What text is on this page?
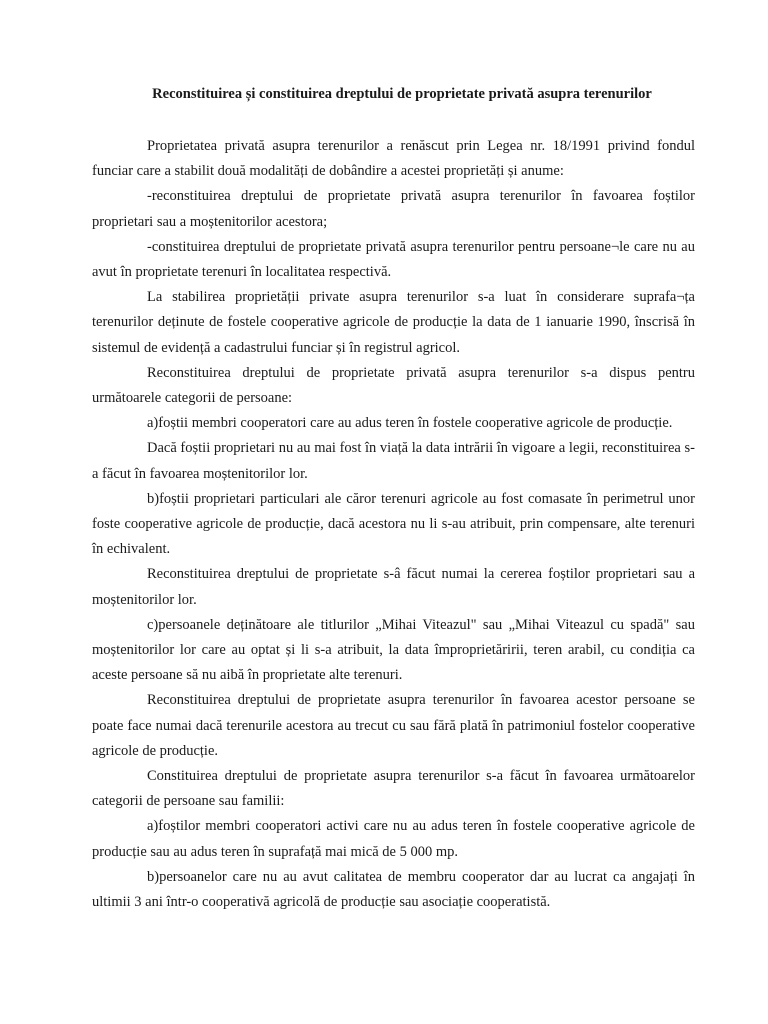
Reconstituirea și constituirea dreptului de proprietate privată asupra terenurilor

Proprietatea privată asupra terenurilor a renăscut prin Legea nr. 18/1991 privind fondul funciar care a stabilit două modalități de dobândire a acestei proprietăți și anume:

-reconstituirea dreptului de proprietate privată asupra terenurilor în favoarea foștilor proprietari sau a moștenitorilor acestora;

-constituirea dreptului de proprietate privată asupra terenurilor pentru persoane¬le care nu au avut în proprietate terenuri în localitatea respectivă.

La stabilirea proprietății private asupra terenurilor s-a luat în considerare suprafa¬ța terenurilor deținute de fostele cooperative agricole de producție la data de 1 ianuarie 1990, înscrisă în sistemul de evidență a cadastrului funciar și în registrul agricol.

Reconstituirea dreptului de proprietate privată asupra terenurilor s-a dispus pentru următoarele categorii de persoane:

a)foștii membri cooperatori care au adus teren în fostele cooperative agricole de producție.

Dacă foștii proprietari nu au mai fost în viață la data intrării în vigoare a legii, reconstituirea s-a făcut în favoarea moștenitorilor lor.

b)foștii proprietari particulari ale căror terenuri agricole au fost comasate în perimetrul unor foste cooperative agricole de producție, dacă acestora nu li s-au atribuit, prin compensare, alte terenuri în echivalent.

Reconstituirea dreptului de proprietate s-â făcut numai la cererea foștilor proprietari sau a moștenitorilor lor.

c)persoanele deținătoare ale titlurilor „Mihai Viteazul" sau „Mihai Viteazul cu spadă" sau moștenitorilor lor care au optat și li s-a atribuit, la data împroprietăririi, teren arabil, cu condiția ca aceste persoane să nu aibă în proprietate alte terenuri.

Reconstituirea dreptului de proprietate asupra terenurilor în favoarea acestor persoane se poate face numai dacă terenurile acestora au trecut cu sau fără plată în patrimoniul fostelor cooperative agricole de producție.

Constituirea dreptului de proprietate asupra terenurilor s-a făcut în favoarea următoarelor categorii de persoane sau familii:

a)foștilor membri cooperatori activi care nu au adus teren în fostele cooperative agricole de producție sau au adus teren în suprafață mai mică de 5 000 mp.

b)persoanelor care nu au avut calitatea de membru cooperator dar au lucrat ca angajați în ultimii 3 ani într-o cooperativă agricolă de producție sau asociație cooperatistă.
